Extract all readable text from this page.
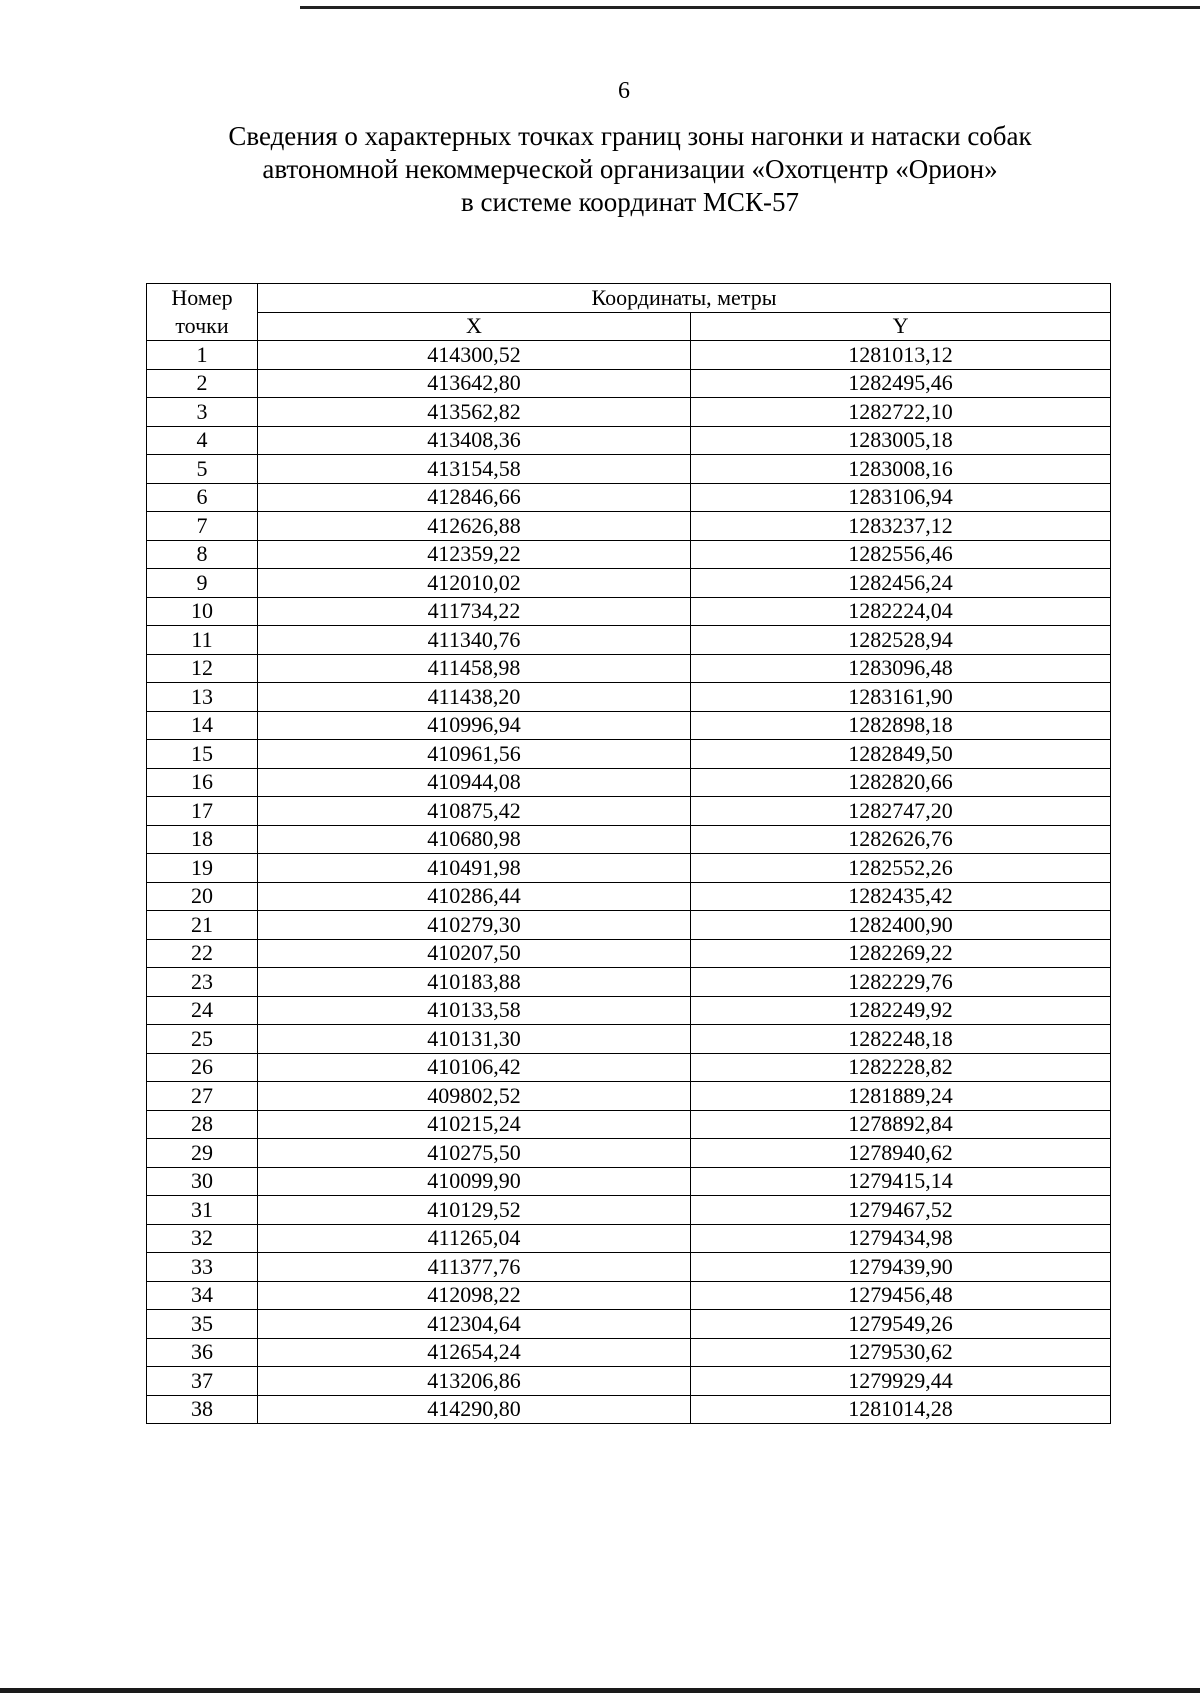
6
Сведения о характерных точках границ зоны нагонки и натаски собак
автономной некоммерческой организации «Охотцентр «Орион»
в системе координат МСК-57
Номер	Координаты, метры	
точки	X	Y
1	414300,52	1281013,12
2	413642,80	1282495,46
3	413562,82	1282722,10
4	413408,36	1283005,18
5	413154,58	1283008,16
6	412846,66	1283106,94
7	412626,88	1283237,12
8	412359,22	1282556,46
9	412010,02	1282456,24
10	411734,22	1282224,04
11	411340,76	1282528,94
12	411458,98	1283096,48
13	411438,20	1283161,90
14	410996,94	1282898,18
15	410961,56	1282849,50
16	410944,08	1282820,66
17	410875,42	1282747,20
18	410680,98	1282626,76
19	410491,98	1282552,26
20	410286,44	1282435,42
21	410279,30	1282400,90
22	410207,50	1282269,22
23	410183,88	1282229,76
24	410133,58	1282249,92
25	410131,30	1282248,18
26	410106,42	1282228,82
27	409802,52	1281889,24
28	410215,24	1278892,84
29	410275,50	1278940,62
30	410099,90	1279415,14
31	410129,52	1279467,52
32	411265,04	1279434,98
33	411377,76	1279439,90
34	412098,22	1279456,48
35	412304,64	1279549,26
36	412654,24	1279530,62
37	413206,86	1279929,44
38	414290,80	1281014,28
